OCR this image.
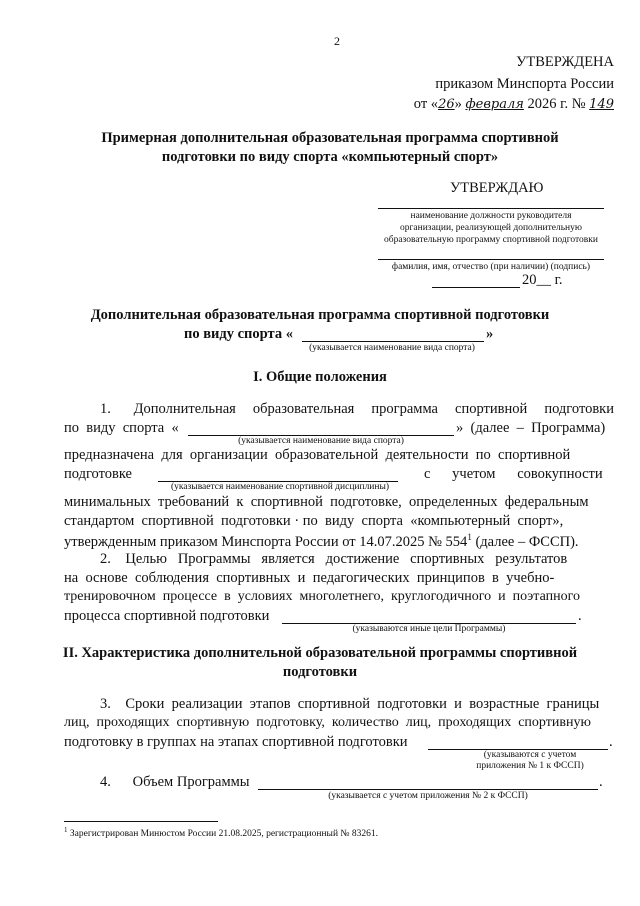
2
УТВЕРЖДЕНА
приказом Минспорта России
от «26» февраля 2026 г. № 149
Примерная дополнительная образовательная программа спортивной
подготовки по виду спорта «компьютерный спорт»
УТВЕРЖДАЮ
наименование должности руководителя
организации, реализующей дополнительную
образовательную программу спортивной подготовки
фамилия, имя, отчество (при наличии) (подпись)
20__ г.
Дополнительная образовательная программа спортивной подготовки
по виду спорта «	»
(указывается наименование вида спорта)
I. Общие положения
1.    Дополнительная   образовательная   программа   спортивной   подготовки
по  виду  спорта  «	»  (далее  –  Программа)
(указывается наименование вида спорта)
предназначена  для  организации  образовательной  деятельности  по  спортивной
подготовке	с      учетом      совокупности
(указывается наименование спортивной дисциплины)
минимальных  требований  к  спортивной  подготовке,  определенных  федеральным
стандартом  спортивной  подготовки · по  виду  спорта  «компьютерный  спорт»,
утвержденным приказом Минспорта России от 14.07.2025 № $554^1$ (далее – ФССП).
2.    Целью   Программы   является   достижение   спортивных   результатов
на  основе  соблюдения  спортивных  и  педагогических  принципов  в  учебно-
тренировочном  процессе  в  условиях  многолетнего,  круглогодичного  и  поэтапного
процесса спортивной подготовки	.
(указываются иные цели Программы)
II. Характеристика дополнительной образовательной программы спортивной
подготовки
3.    Сроки  реализации  этапов  спортивной  подготовки  и  возрастные  границы
лиц,  проходящих  спортивную  подготовку,  количество  лиц,  проходящих  спортивную
подготовку в группах на этапах спортивной подготовки	.
(указываются с учетом
приложения № 1 к ФССП)
4.      Объем Программы	.
(указывается с учетом приложения № 2 к ФССП)
$^1$ Зарегистрирован Минюстом России 21.08.2025, регистрационный № 83261.
